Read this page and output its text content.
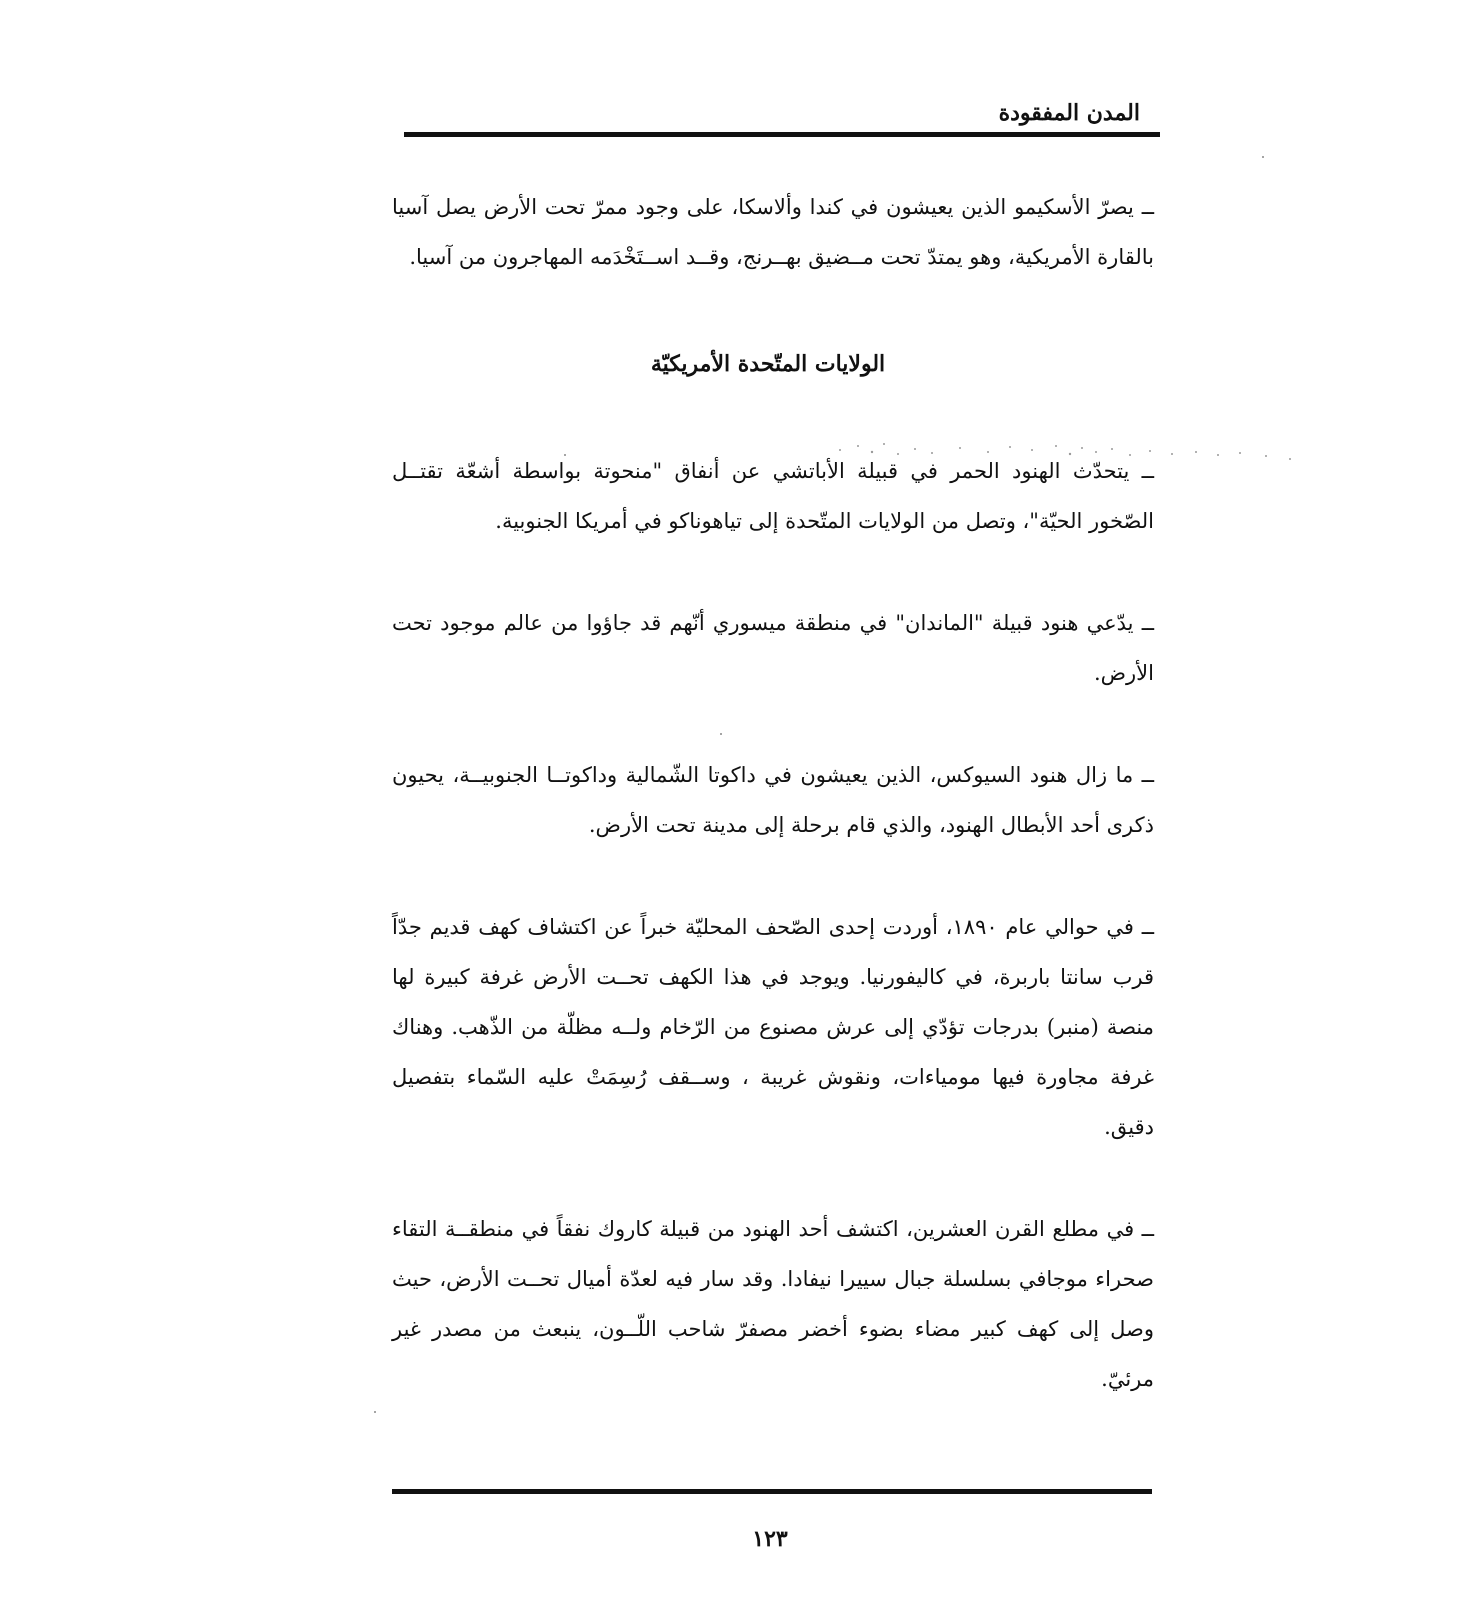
المدن المفقودة

ــ يصرّ الأسكيمو الذين يعيشون في كندا وألاسكا، على وجود ممرّ تحت الأرض يصل آسيا بالقارة الأمريكية، وهو يمتدّ تحت مــضيق بهــرنج، وقــد اســتَخْدَمه المهاجرون من آسيا.

الولايات المتّحدة الأمريكيّة

ــ يتحدّث الهنود الحمر في قبيلة الأباتشي عن أنفاق "منحوتة بواسطة أشعّة تقتــل الصّخور الحيّة"، وتصل من الولايات المتّحدة إلى تياهوناكو في أمريكا الجنوبية.

ــ يدّعي هنود قبيلة "الماندان" في منطقة ميسوري أنّهم قد جاؤوا من عالم موجود تحت الأرض.

ــ ما زال هنود السيوكس، الذين يعيشون في داكوتا الشّمالية وداكوتــا الجنوبيــة، يحيون ذكرى أحد الأبطال الهنود، والذي قام برحلة إلى مدينة تحت الأرض.

ــ في حوالي عام ١٨٩٠، أوردت إحدى الصّحف المحليّة خبراً عن اكتشاف كهف قديم جدّاً قرب سانتا باربرة، في كاليفورنيا. ويوجد في هذا الكهف تحــت الأرض غرفة كبيرة لها منصة (منبر) بدرجات تؤدّي إلى عرش مصنوع من الرّخام ولــه مظلّة من الذّهب. وهناك غرفة مجاورة فيها مومياءات، ونقوش غريبة ، وســقف رُسِمَتْ عليه السّماء بتفصيل دقيق.

ــ في مطلع القرن العشرين، اكتشف أحد الهنود من قبيلة كاروك نفقاً في منطقــة التقاء صحراء موجافي بسلسلة جبال سييرا نيفادا. وقد سار فيه لعدّة أميال تحــت الأرض، حيث وصل إلى كهف كبير مضاء بضوء أخضر مصفرّ شاحب اللّــون، ينبعث من مصدر غير مرئيّ.

١٢٣
